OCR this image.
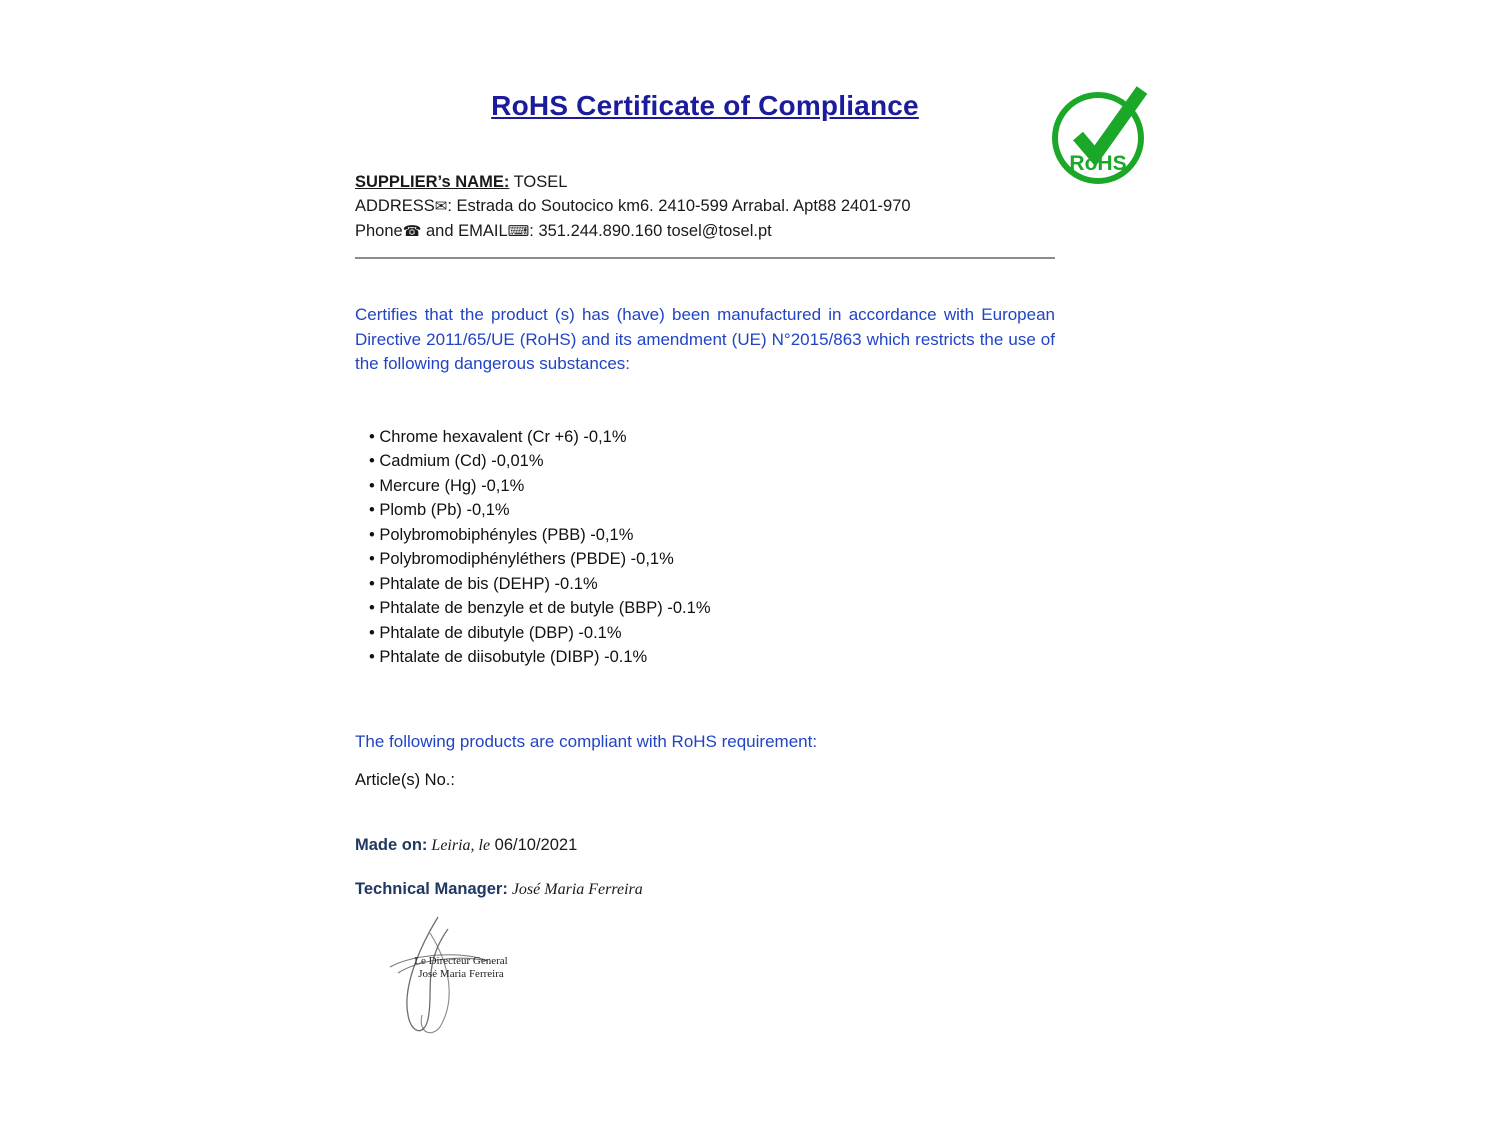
RoHS
RoHS Certificate of Compliance
SUPPLIER’s NAME: TOSEL
ADDRESS✉: Estrada do Soutocico km6. 2410-599 Arrabal. Apt88 2401-970
Phone☎ and EMAIL⌨: 351.244.890.160 tosel@tosel.pt
Certifies that the product (s) has (have) been manufactured in accordance with European Directive 2011/65/UE (RoHS) and its amendment (UE) N°2015/863 which restricts the use of the following dangerous substances:
• Chrome hexavalent (Cr +6) -0,1%
• Cadmium (Cd) -0,01%
• Mercure (Hg) -0,1%
• Plomb (Pb) -0,1%
• Polybromobiphényles (PBB) -0,1%
• Polybromodiphényléthers (PBDE) -0,1%
• Phtalate de bis (DEHP) -0.1%
• Phtalate de benzyle et de butyle (BBP) -0.1%
• Phtalate de dibutyle (DBP) -0.1%
• Phtalate de diisobutyle (DIBP) -0.1%
The following products are compliant with RoHS requirement:
Article(s) No.:
Made on: Leiria, le 06/10/2021
Technical Manager: José Maria Ferreira
Le Directeur General
José Maria Ferreira
